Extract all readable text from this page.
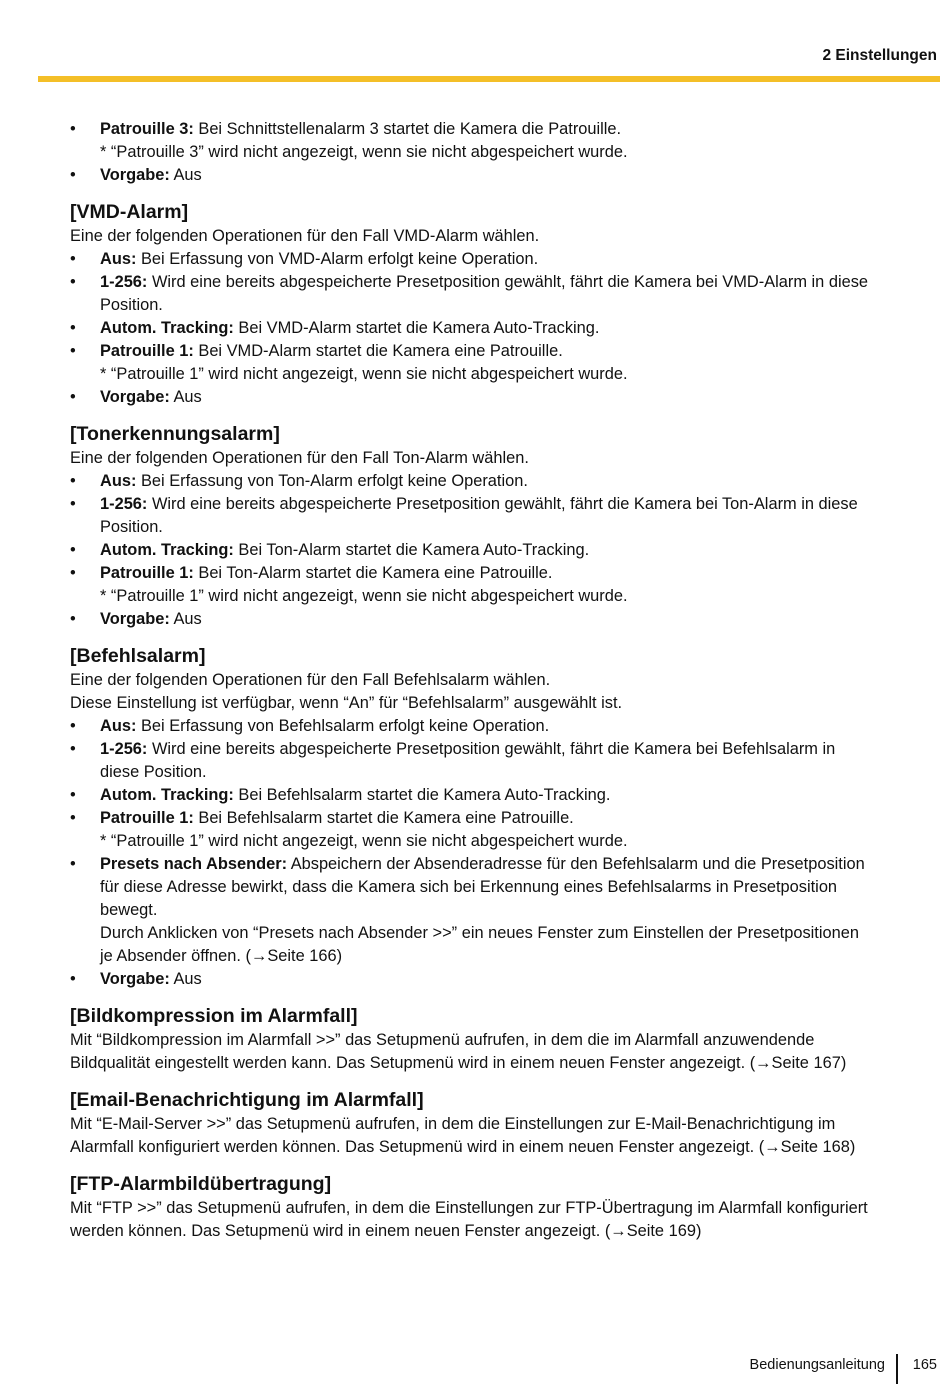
2 Einstellungen

• Patrouille 3: Bei Schnittstellenalarm 3 startet die Kamera die Patrouille.

* “Patrouille 3” wird nicht angezeigt, wenn sie nicht abgespeichert wurde.

• Vorgabe: Aus

[VMD-Alarm]

Eine der folgenden Operationen für den Fall VMD-Alarm wählen.

• Aus: Bei Erfassung von VMD-Alarm erfolgt keine Operation.

• 1-256: Wird eine bereits abgespeicherte Presetposition gewählt, fährt die Kamera bei VMD-Alarm in diese

Position.

• Autom. Tracking: Bei VMD-Alarm startet die Kamera Auto-Tracking.

• Patrouille 1: Bei VMD-Alarm startet die Kamera eine Patrouille.

* “Patrouille 1” wird nicht angezeigt, wenn sie nicht abgespeichert wurde.

• Vorgabe: Aus

[Tonerkennungsalarm]

Eine der folgenden Operationen für den Fall Ton-Alarm wählen.

• Aus: Bei Erfassung von Ton-Alarm erfolgt keine Operation.

• 1-256: Wird eine bereits abgespeicherte Presetposition gewählt, fährt die Kamera bei Ton-Alarm in diese

Position.

• Autom. Tracking: Bei Ton-Alarm startet die Kamera Auto-Tracking.

• Patrouille 1: Bei Ton-Alarm startet die Kamera eine Patrouille.

* “Patrouille 1” wird nicht angezeigt, wenn sie nicht abgespeichert wurde.

• Vorgabe: Aus

[Befehlsalarm]

Eine der folgenden Operationen für den Fall Befehlsalarm wählen.

Diese Einstellung ist verfügbar, wenn “An” für “Befehlsalarm” ausgewählt ist.

• Aus: Bei Erfassung von Befehlsalarm erfolgt keine Operation.

• 1-256: Wird eine bereits abgespeicherte Presetposition gewählt, fährt die Kamera bei Befehlsalarm in

diese Position.

• Autom. Tracking: Bei Befehlsalarm startet die Kamera Auto-Tracking.

• Patrouille 1: Bei Befehlsalarm startet die Kamera eine Patrouille.

* “Patrouille 1” wird nicht angezeigt, wenn sie nicht abgespeichert wurde.

• Presets nach Absender: Abspeichern der Absenderadresse für den Befehlsalarm und die Presetposition

für diese Adresse bewirkt, dass die Kamera sich bei Erkennung eines Befehlsalarms in Presetposition

bewegt.

Durch Anklicken von “Presets nach Absender >>” ein neues Fenster zum Einstellen der Presetpositionen

je Absender öffnen. (→Seite 166)

• Vorgabe: Aus

[Bildkompression im Alarmfall]

Mit “Bildkompression im Alarmfall >>” das Setupmenü aufrufen, in dem die im Alarmfall anzuwendende

Bildqualität eingestellt werden kann. Das Setupmenü wird in einem neuen Fenster angezeigt. (→Seite 167)

[Email-Benachrichtigung im Alarmfall]

Mit “E-Mail-Server >>” das Setupmenü aufrufen, in dem die Einstellungen zur E-Mail-Benachrichtigung im

Alarmfall konfiguriert werden können. Das Setupmenü wird in einem neuen Fenster angezeigt. (→Seite 168)

[FTP-Alarmbildübertragung]

Mit “FTP >>” das Setupmenü aufrufen, in dem die Einstellungen zur FTP-Übertragung im Alarmfall konfiguriert

werden können. Das Setupmenü wird in einem neuen Fenster angezeigt. (→Seite 169)

Bedienungsanleitung 165
